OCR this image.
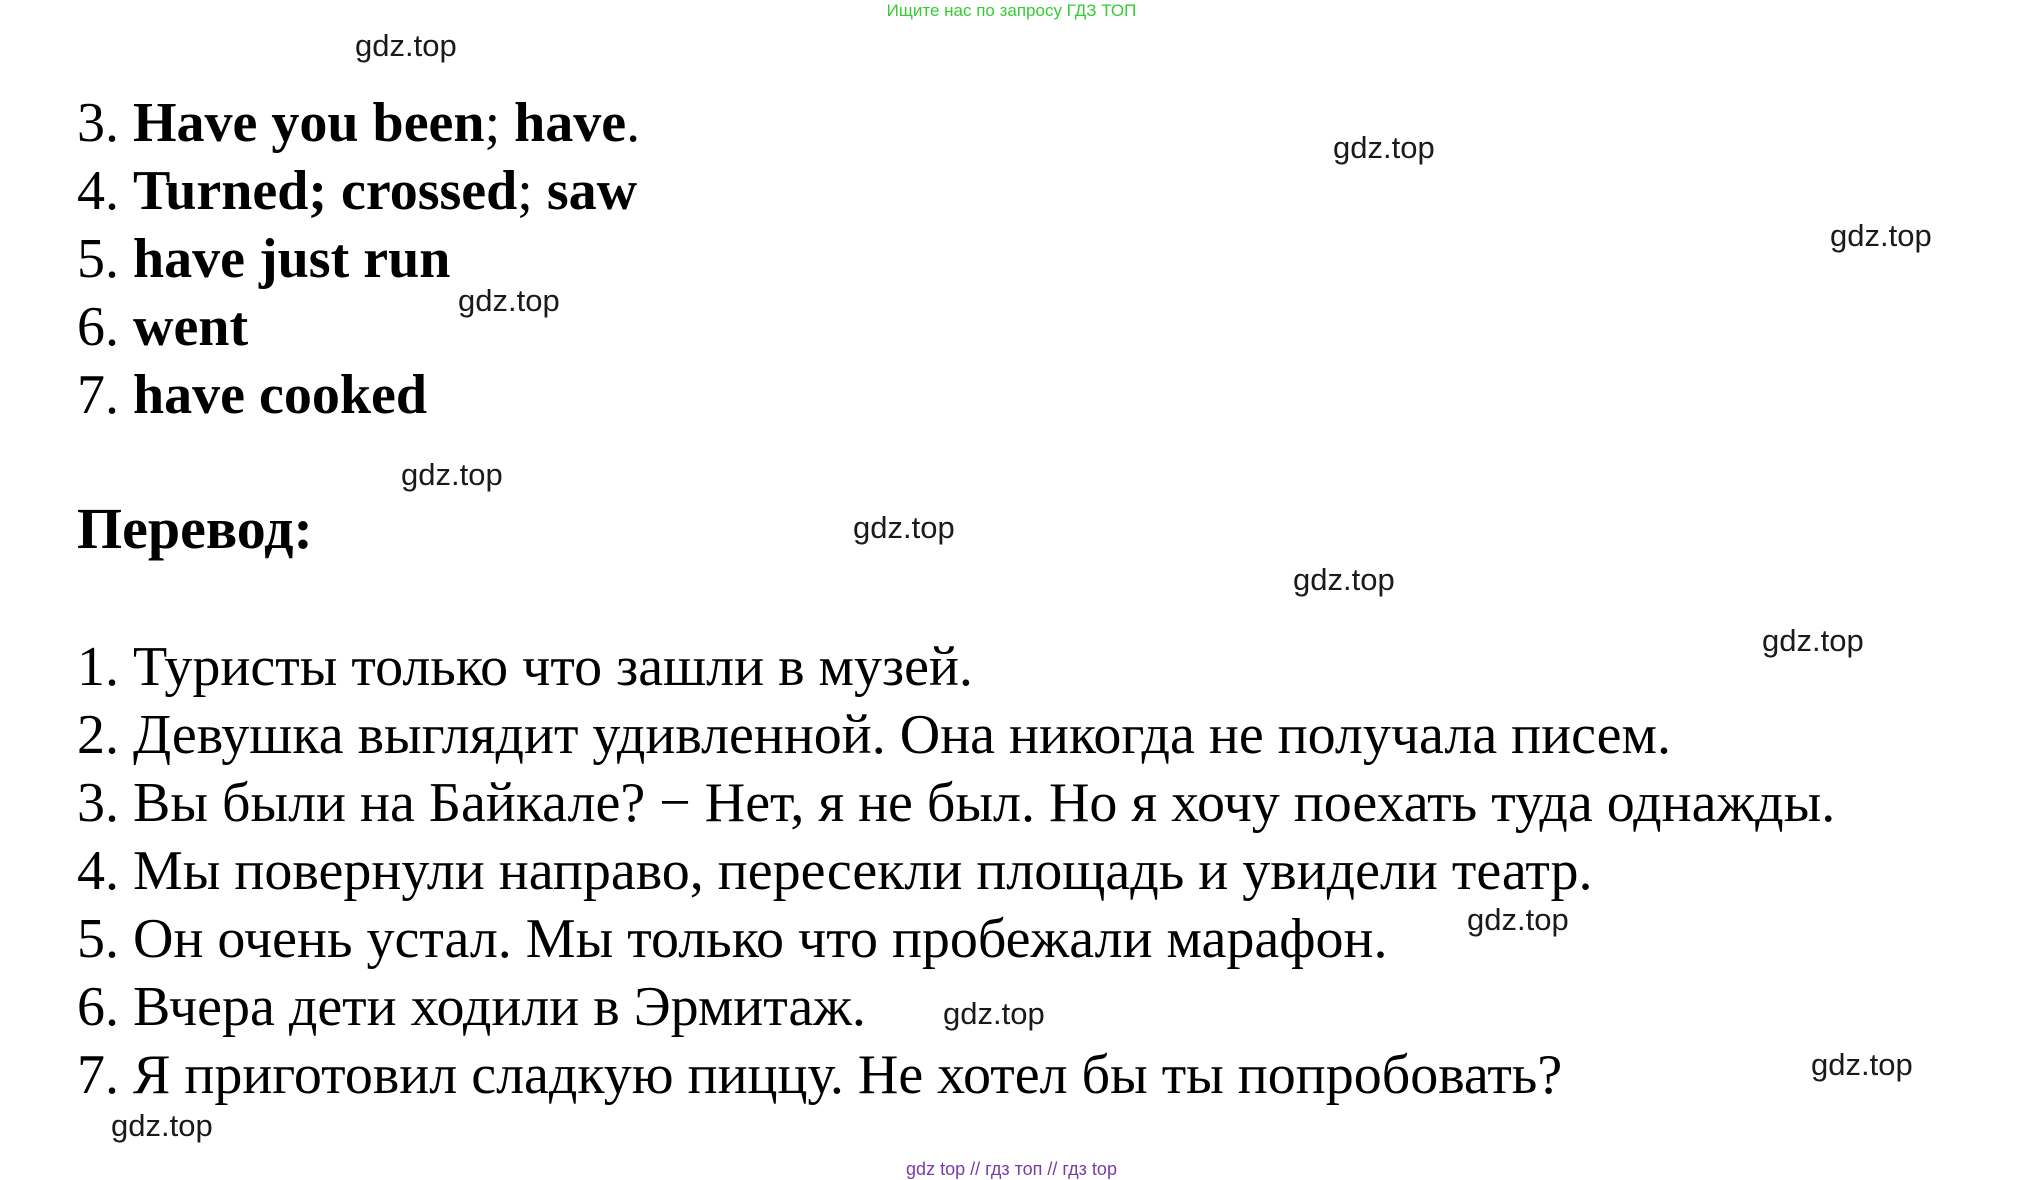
Ищите нас по запросу ГДЗ ТОП
3. Have you been; have.
4. Turned; crossed; saw
5. have just run
6. went
7. have cooked
Перевод:
1. Туристы только что зашли в музей.
2. Девушка выглядит удивленной. Она никогда не получала писем.
3. Вы были на Байкале? − Нет, я не был. Но я хочу поехать туда однажды.
4. Мы повернули направо, пересекли площадь и увидели театр.
5. Он очень устал. Мы только что пробежали марафон.
6. Вчера дети ходили в Эрмитаж.
7. Я приготовил сладкую пиццу. Не хотел бы ты попробовать?
gdz.top
gdz.top
gdz.top
gdz.top
gdz.top
gdz.top
gdz.top
gdz.top
gdz.top
gdz.top
gdz.top
gdz.top
gdz top // гдз топ // гдз top
